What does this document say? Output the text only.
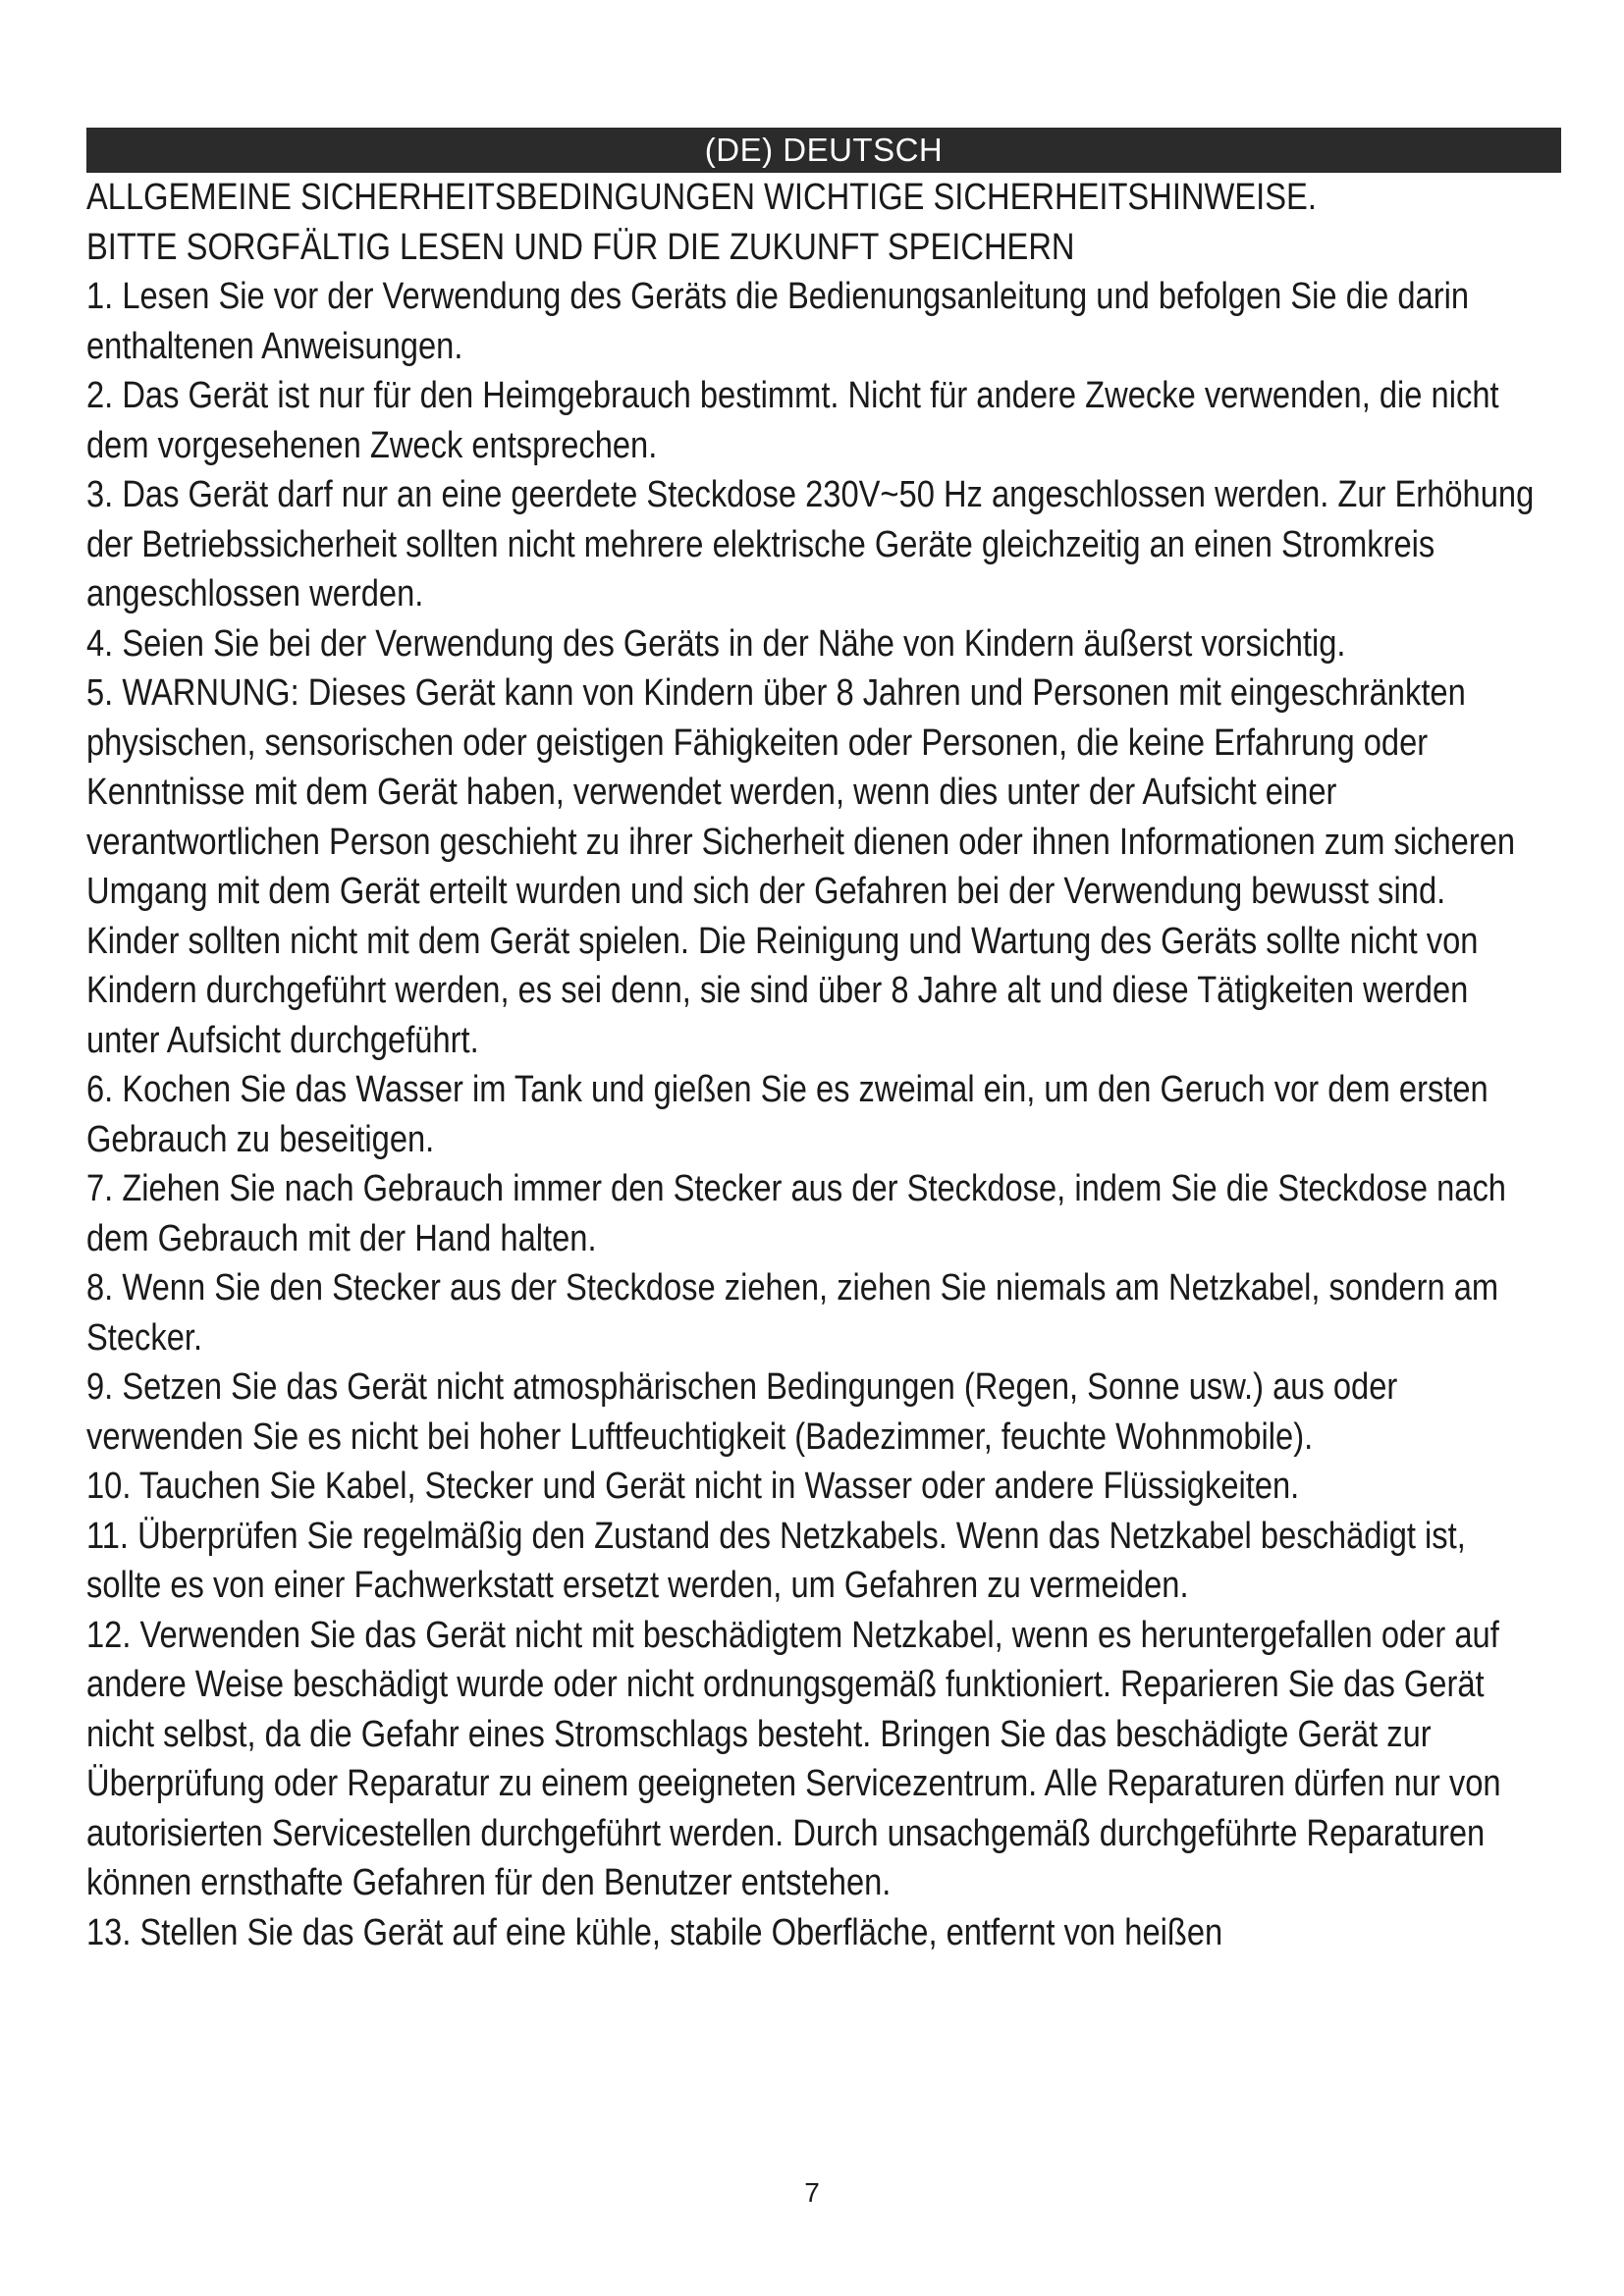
(DE) DEUTSCH

ALLGEMEINE SICHERHEITSBEDINGUNGEN WICHTIGE SICHERHEITSHINWEISE.

BITTE SORGFÄLTIG LESEN UND FÜR DIE ZUKUNFT SPEICHERN

1. Lesen Sie vor der Verwendung des Geräts die Bedienungsanleitung und befolgen Sie die darin enthaltenen Anweisungen.

2. Das Gerät ist nur für den Heimgebrauch bestimmt. Nicht für andere Zwecke verwenden, die nicht dem vorgesehenen Zweck entsprechen.

3. Das Gerät darf nur an eine geerdete Steckdose 230V~50 Hz angeschlossen werden. Zur Erhöhung der Betriebssicherheit sollten nicht mehrere elektrische Geräte gleichzeitig an einen Stromkreis angeschlossen werden.

4. Seien Sie bei der Verwendung des Geräts in der Nähe von Kindern äußerst vorsichtig.

5. WARNUNG: Dieses Gerät kann von Kindern über 8 Jahren und Personen mit eingeschränkten physischen, sensorischen oder geistigen Fähigkeiten oder Personen, die keine Erfahrung oder Kenntnisse mit dem Gerät haben, verwendet werden, wenn dies unter der Aufsicht einer verantwortlichen Person geschieht zu ihrer Sicherheit dienen oder ihnen Informationen zum sicheren Umgang mit dem Gerät erteilt wurden und sich der Gefahren bei der Verwendung bewusst sind. Kinder sollten nicht mit dem Gerät spielen. Die Reinigung und Wartung des Geräts sollte nicht von Kindern durchgeführt werden, es sei denn, sie sind über 8 Jahre alt und diese Tätigkeiten werden unter Aufsicht durchgeführt.

6. Kochen Sie das Wasser im Tank und gießen Sie es zweimal ein, um den Geruch vor dem ersten Gebrauch zu beseitigen.

7. Ziehen Sie nach Gebrauch immer den Stecker aus der Steckdose, indem Sie die Steckdose nach dem Gebrauch mit der Hand halten.

8. Wenn Sie den Stecker aus der Steckdose ziehen, ziehen Sie niemals am Netzkabel, sondern am Stecker.

9. Setzen Sie das Gerät nicht atmosphärischen Bedingungen (Regen, Sonne usw.) aus oder verwenden Sie es nicht bei hoher Luftfeuchtigkeit (Badezimmer, feuchte Wohnmobile).

10. Tauchen Sie Kabel, Stecker und Gerät nicht in Wasser oder andere Flüssigkeiten.

11. Überprüfen Sie regelmäßig den Zustand des Netzkabels. Wenn das Netzkabel beschädigt ist, sollte es von einer Fachwerkstatt ersetzt werden, um Gefahren zu vermeiden.

12. Verwenden Sie das Gerät nicht mit beschädigtem Netzkabel, wenn es heruntergefallen oder auf andere Weise beschädigt wurde oder nicht ordnungsgemäß funktioniert. Reparieren Sie das Gerät nicht selbst, da die Gefahr eines Stromschlags besteht. Bringen Sie das beschädigte Gerät zur Überprüfung oder Reparatur zu einem geeigneten Servicezentrum. Alle Reparaturen dürfen nur von autorisierten Servicestellen durchgeführt werden. Durch unsachgemäß durchgeführte Reparaturen können ernsthafte Gefahren für den Benutzer entstehen.

13. Stellen Sie das Gerät auf eine kühle, stabile Oberfläche, entfernt von heißen

7
